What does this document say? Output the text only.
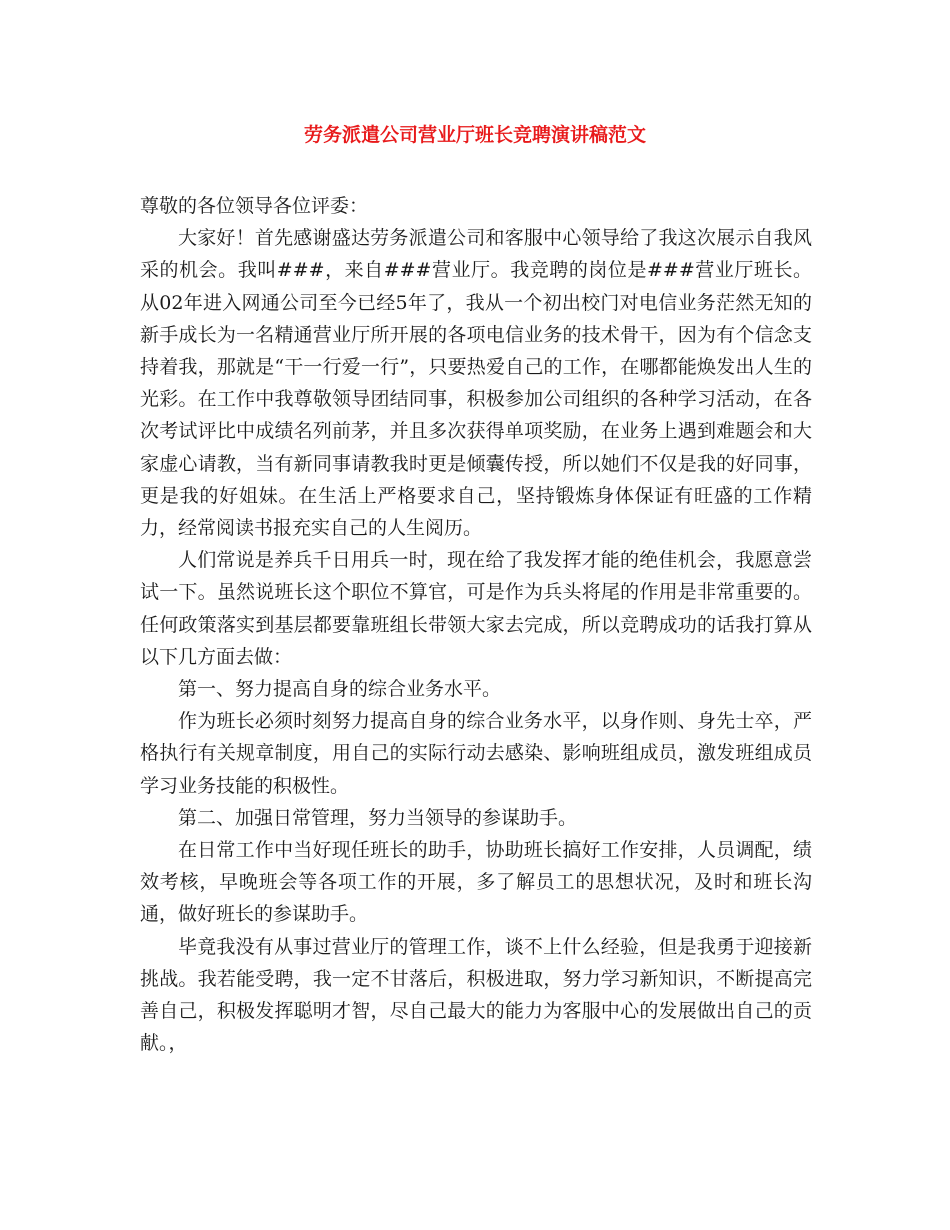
劳务派遣公司营业厅班长竞聘演讲稿范文

尊敬的各位领导各位评委：

大家好！首先感谢盛达劳务派遣公司和客服中心领导给了我这次展示自我风采的机会。我叫###，来自###营业厅。我竞聘的岗位是###营业厅班长。从02年进入网通公司至今已经5年了，我从一个初出校门对电信业务茫然无知的新手成长为一名精通营业厅所开展的各项电信业务的技术骨干，因为有个信念支持着我，那就是“干一行爱一行”，只要热爱自己的工作，在哪都能焕发出人生的光彩。在工作中我尊敬领导团结同事，积极参加公司组织的各种学习活动，在各次考试评比中成绩名列前茅，并且多次获得单项奖励，在业务上遇到难题会和大家虚心请教，当有新同事请教我时更是倾囊传授，所以她们不仅是我的好同事，更是我的好姐妹。在生活上严格要求自己，坚持锻炼身体保证有旺盛的工作精力，经常阅读书报充实自己的人生阅历。

人们常说是养兵千日用兵一时，现在给了我发挥才能的绝佳机会，我愿意尝试一下。虽然说班长这个职位不算官，可是作为兵头将尾的作用是非常重要的。任何政策落实到基层都要靠班组长带领大家去完成，所以竞聘成功的话我打算从以下几方面去做：

第一、努力提高自身的综合业务水平。

作为班长必须时刻努力提高自身的综合业务水平，以身作则、身先士卒，严格执行有关规章制度，用自己的实际行动去感染、影响班组成员，激发班组成员学习业务技能的积极性。

第二、加强日常管理，努力当领导的参谋助手。

在日常工作中当好现任班长的助手，协助班长搞好工作安排，人员调配，绩效考核，早晚班会等各项工作的开展，多了解员工的思想状况，及时和班长沟通，做好班长的参谋助手。

毕竟我没有从事过营业厅的管理工作，谈不上什么经验，但是我勇于迎接新挑战。我若能受聘，我一定不甘落后，积极进取，努力学习新知识，不断提高完善自己，积极发挥聪明才智，尽自己最大的能力为客服中心的发展做出自己的贡献。，
